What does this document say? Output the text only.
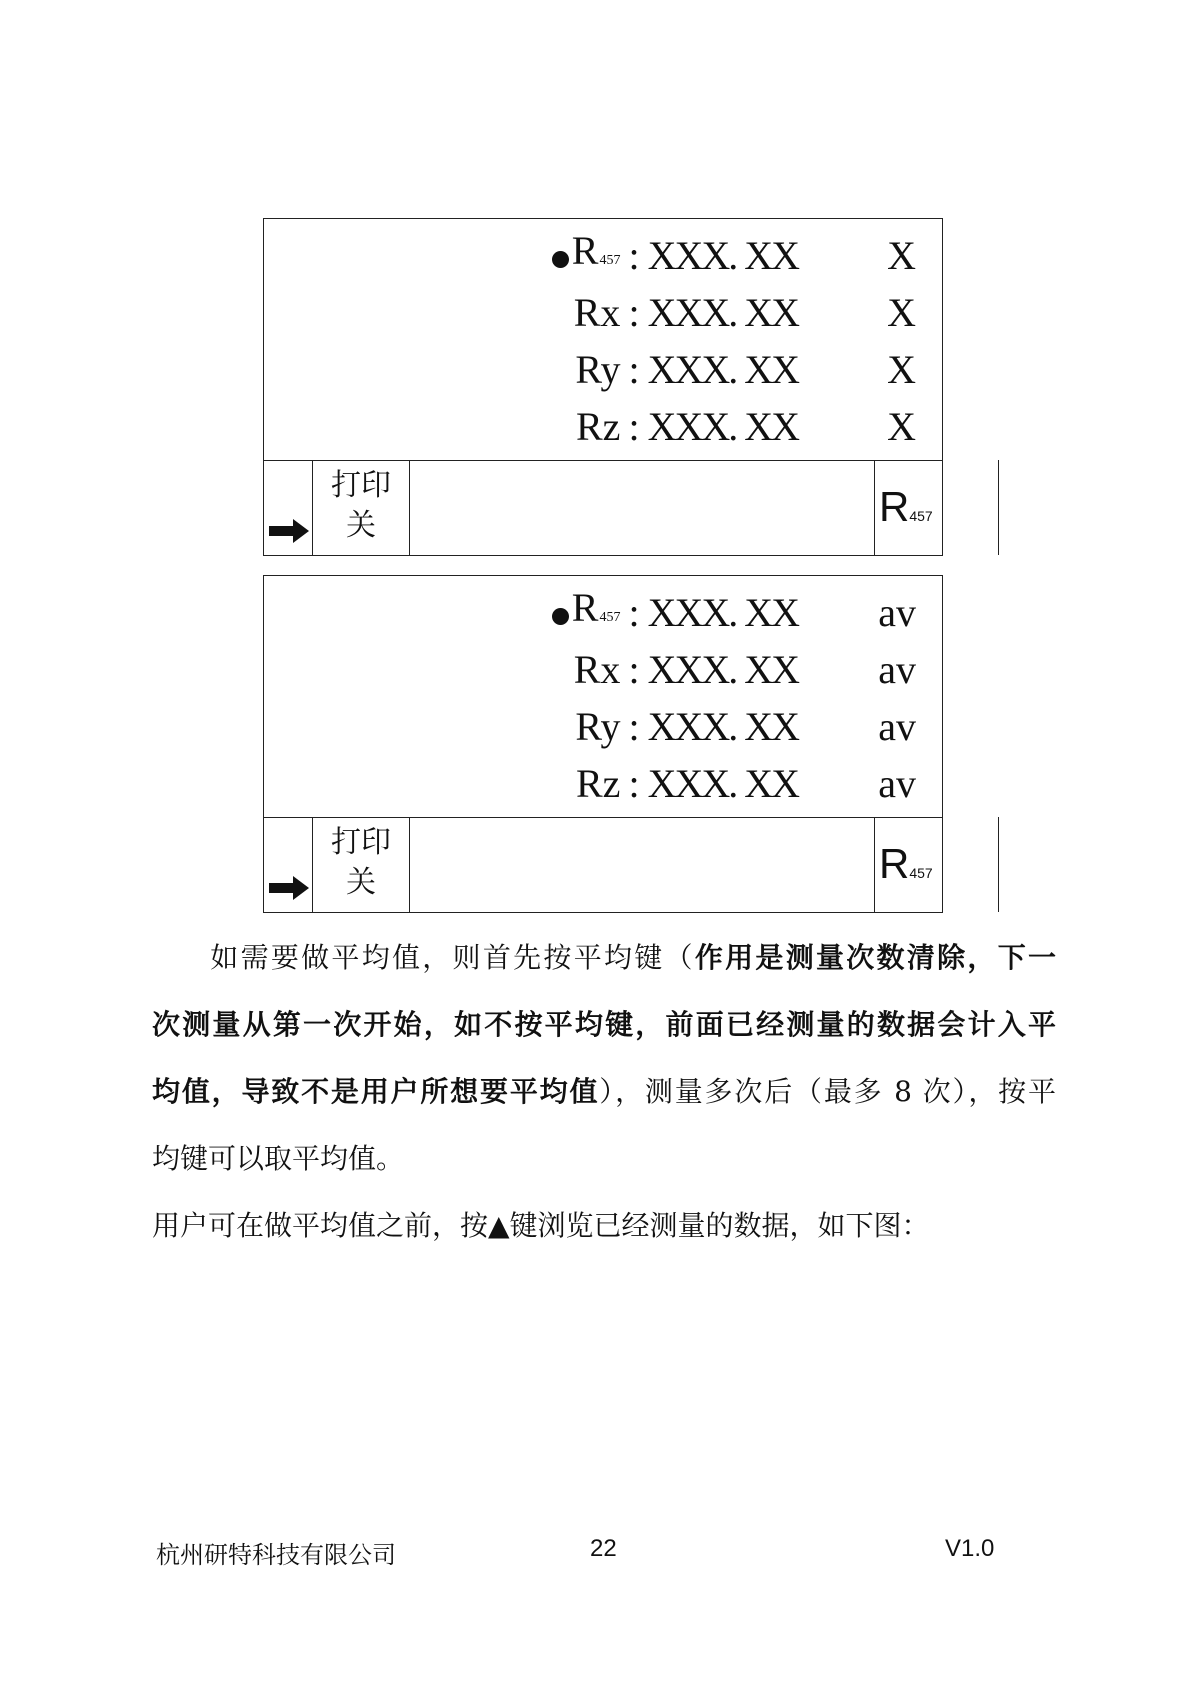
R457 : XXX. XX X
Rx : XXX. XX X
Ry : XXX. XX X
Rz : XXX. XX X
打印
关	R457
R457 : XXX. XX av
Rx : XXX. XX av
Ry : XXX. XX av
Rz : XXX. XX av
打印
关	R457
如需要做平均值，则首先按平均键（作用是测量次数清除，下一
次测量从第一次开始，如不按平均键，前面已经测量的数据会计入平
均值，导致不是用户所想要平均值），测量多次后（最多 8 次），按平
均键可以取平均值。
用户可在做平均值之前，按▲键浏览已经测量的数据，如下图：
杭州研特科技有限公司	22	V1.0
